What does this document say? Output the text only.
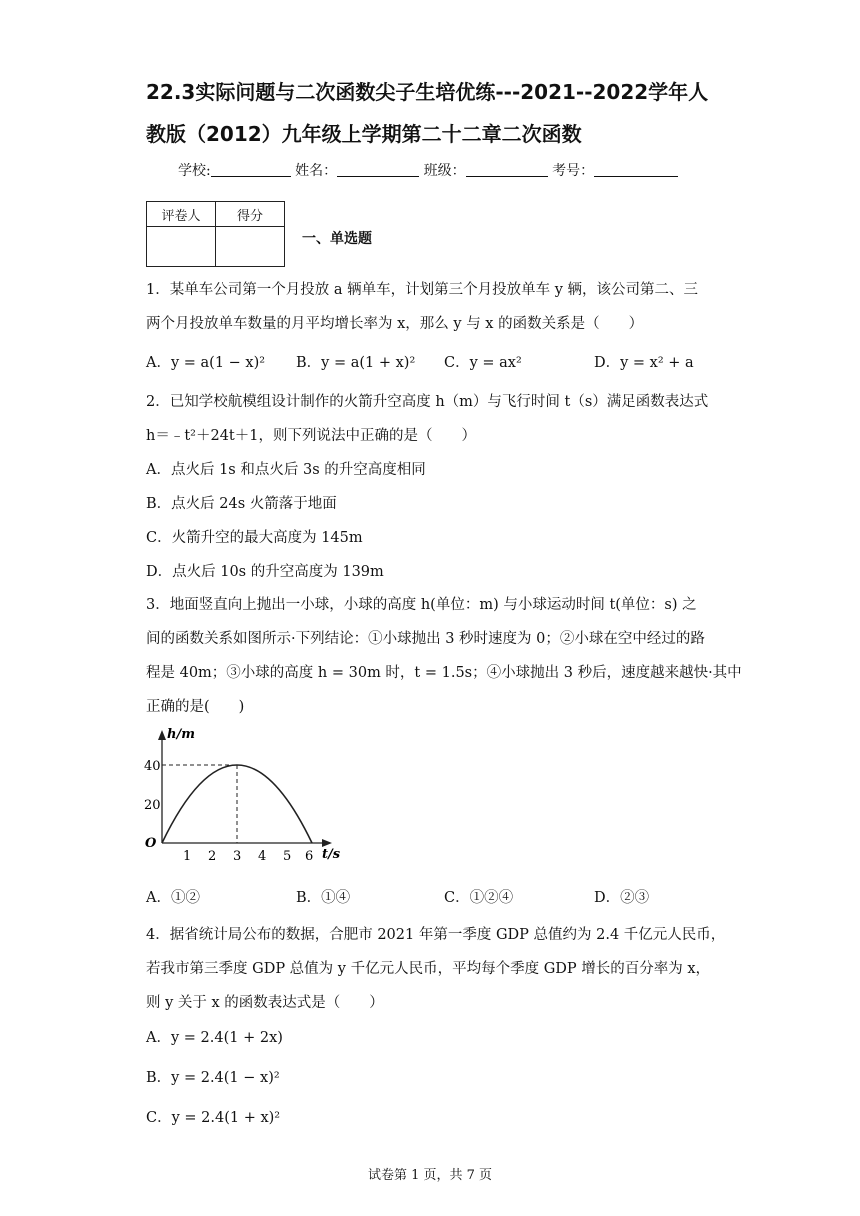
22.3实际问题与二次函数尖子生培优练---2021--2022学年人
教版（2012）九年级上学期第二十二章二次函数
学校:	姓名：	班级：	考号：
评卷人	得分

一、单选题
1．某单车公司第一个月投放 a 辆单车，计划第三个月投放单车 y 辆，该公司第二、三
两个月投放单车数量的月平均增长率为 x，那么 y 与 x 的函数关系是（　　）
A．y = a(1 − x)² B．y = a(1 + x)² C．y = ax²	D．y = x² + a
2．已知学校航模组设计制作的火箭升空高度 h（m）与飞行时间 t（s）满足函数表达式
h＝﹣t²＋24t＋1，则下列说法中正确的是（　　）
A．点火后 1s 和点火后 3s 的升空高度相同
B．点火后 24s 火箭落于地面
C．火箭升空的最大高度为 145m
D．点火后 10s 的升空高度为 139m
3．地面竖直向上抛出一小球，小球的高度 h(单位：m) 与小球运动时间 t(单位：s) 之
间的函数关系如图所示·下列结论：①小球抛出 3 秒时速度为 0；②小球在空中经过的路
程是 40m；③小球的高度 h = 30m 时，t = 1.5s；④小球抛出 3 秒后，速度越来越快·其中
正确的是(　　)
h/m
t/s
O
20
40
1 2 3 4 5 6
A．①②	B．①④	C．①②④	D．②③
4．据省统计局公布的数据，合肥市 2021 年第一季度 GDP 总值约为 2.4 千亿元人民币，
若我市第三季度 GDP 总值为 y 千亿元人民币，平均每个季度 GDP 增长的百分率为 x，
则 y 关于 x 的函数表达式是（　　）
A．y = 2.4(1 + 2x)
B．y = 2.4(1 − x)²
C．y = 2.4(1 + x)²
试卷第 1 页，共 7 页
